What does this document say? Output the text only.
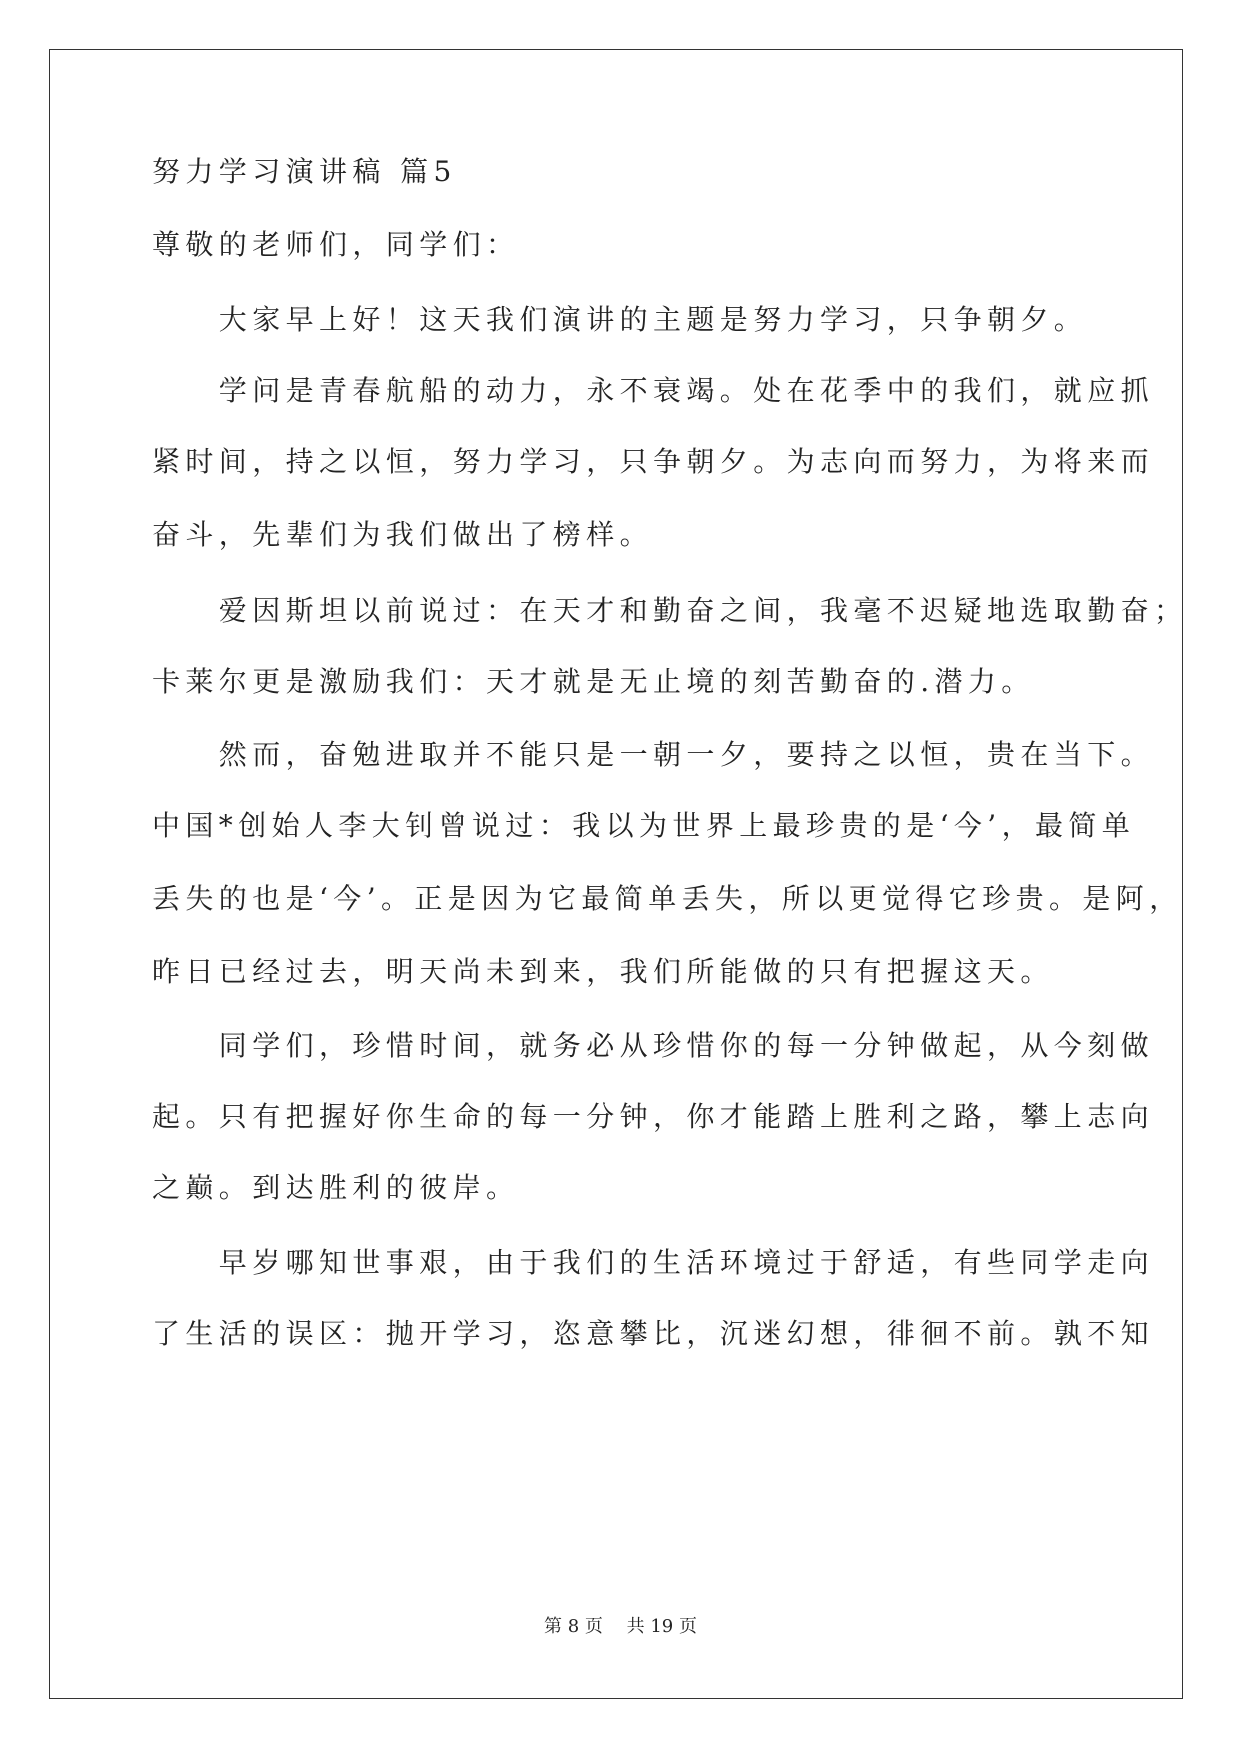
努力学习演讲稿 篇5

尊敬的老师们，同学们：

　　大家早上好！这天我们演讲的主题是努力学习，只争朝夕。

　　学问是青春航船的动力，永不衰竭。处在花季中的我们，就应抓

紧时间，持之以恒，努力学习，只争朝夕。为志向而努力，为将来而

奋斗，先辈们为我们做出了榜样。

　　爱因斯坦以前说过：在天才和勤奋之间，我毫不迟疑地选取勤奋；

卡莱尔更是激励我们：天才就是无止境的刻苦勤奋的.潜力。

　　然而，奋勉进取并不能只是一朝一夕，要持之以恒，贵在当下。

中国*创始人李大钊曾说过：我以为世界上最珍贵的是‘今’，最简单

丢失的也是‘今’。正是因为它最简单丢失，所以更觉得它珍贵。是阿，

昨日已经过去，明天尚未到来，我们所能做的只有把握这天。

　　同学们，珍惜时间，就务必从珍惜你的每一分钟做起，从今刻做

起。只有把握好你生命的每一分钟，你才能踏上胜利之路，攀上志向

之巅。到达胜利的彼岸。

　　早岁哪知世事艰，由于我们的生活环境过于舒适，有些同学走向

了生活的误区：抛开学习，恣意攀比，沉迷幻想，徘徊不前。孰不知

第 8 页　 共 19 页
